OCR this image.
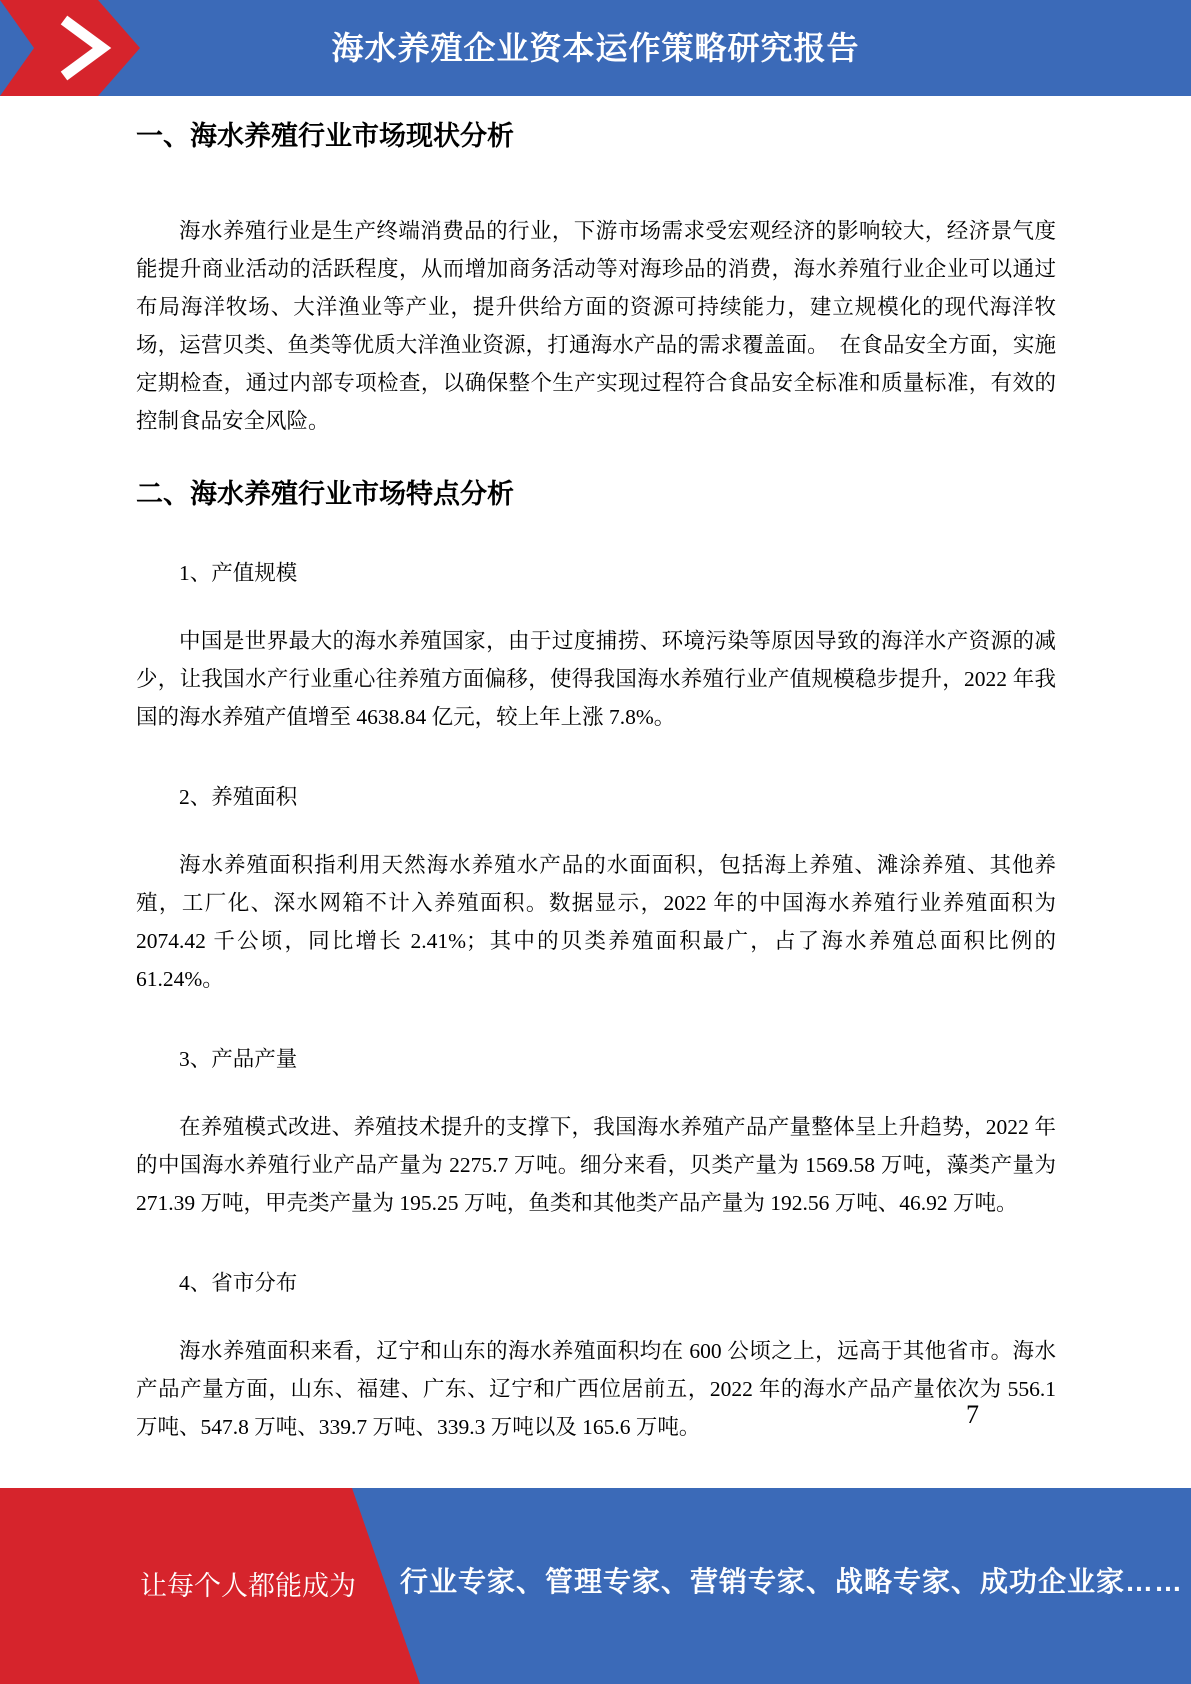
海水养殖企业资本运作策略研究报告
一、海水养殖行业市场现状分析

海水养殖行业是生产终端消费品的行业，下游市场需求受宏观经济的影响较大，经济景气度能提升商业活动的活跃程度，从而增加商务活动等对海珍品的消费，海水养殖行业企业可以通过布局海洋牧场、大洋渔业等产业，提升供给方面的资源可持续能力，建立规模化的现代海洋牧场，运营贝类、鱼类等优质大洋渔业资源，打通海水产品的需求覆盖面。　在食品安全方面，实施定期检查，通过内部专项检查，以确保整个生产实现过程符合食品安全标准和质量标准，有效的控制食品安全风险。

二、海水养殖行业市场特点分析

1、产值规模

中国是世界最大的海水养殖国家，由于过度捕捞、环境污染等原因导致的海洋水产资源的减少，让我国水产行业重心往养殖方面偏移，使得我国海水养殖行业产值规模稳步提升，2022 年我国的海水养殖产值增至 4638.84 亿元，较上年上涨 7.8%。

2、养殖面积

海水养殖面积指利用天然海水养殖水产品的水面面积，包括海上养殖、滩涂养殖、其他养殖，工厂化、深水网箱不计入养殖面积。数据显示，2022 年的中国海水养殖行业养殖面积为 2074.42 千公顷，同比增长 2.41%；其中的贝类养殖面积最广，占了海水养殖总面积比例的 61.24%。

3、产品产量

在养殖模式改进、养殖技术提升的支撑下，我国海水养殖产品产量整体呈上升趋势，2022 年的中国海水养殖行业产品产量为 2275.7 万吨。细分来看，贝类产量为 1569.58 万吨，藻类产量为 271.39 万吨，甲壳类产量为 195.25 万吨，鱼类和其他类产品产量为 192.56 万吨、46.92 万吨。

4、省市分布

海水养殖面积来看，辽宁和山东的海水养殖面积均在 600 公顷之上，远高于其他省市。海水产品产量方面，山东、福建、广东、辽宁和广西位居前五，2022 年的海水产品产量依次为 556.1 万吨、547.8 万吨、339.7 万吨、339.3 万吨以及 165.6 万吨。	7
让每个人都能成为 行业专家、管理专家、营销专家、战略专家、成功企业家……
